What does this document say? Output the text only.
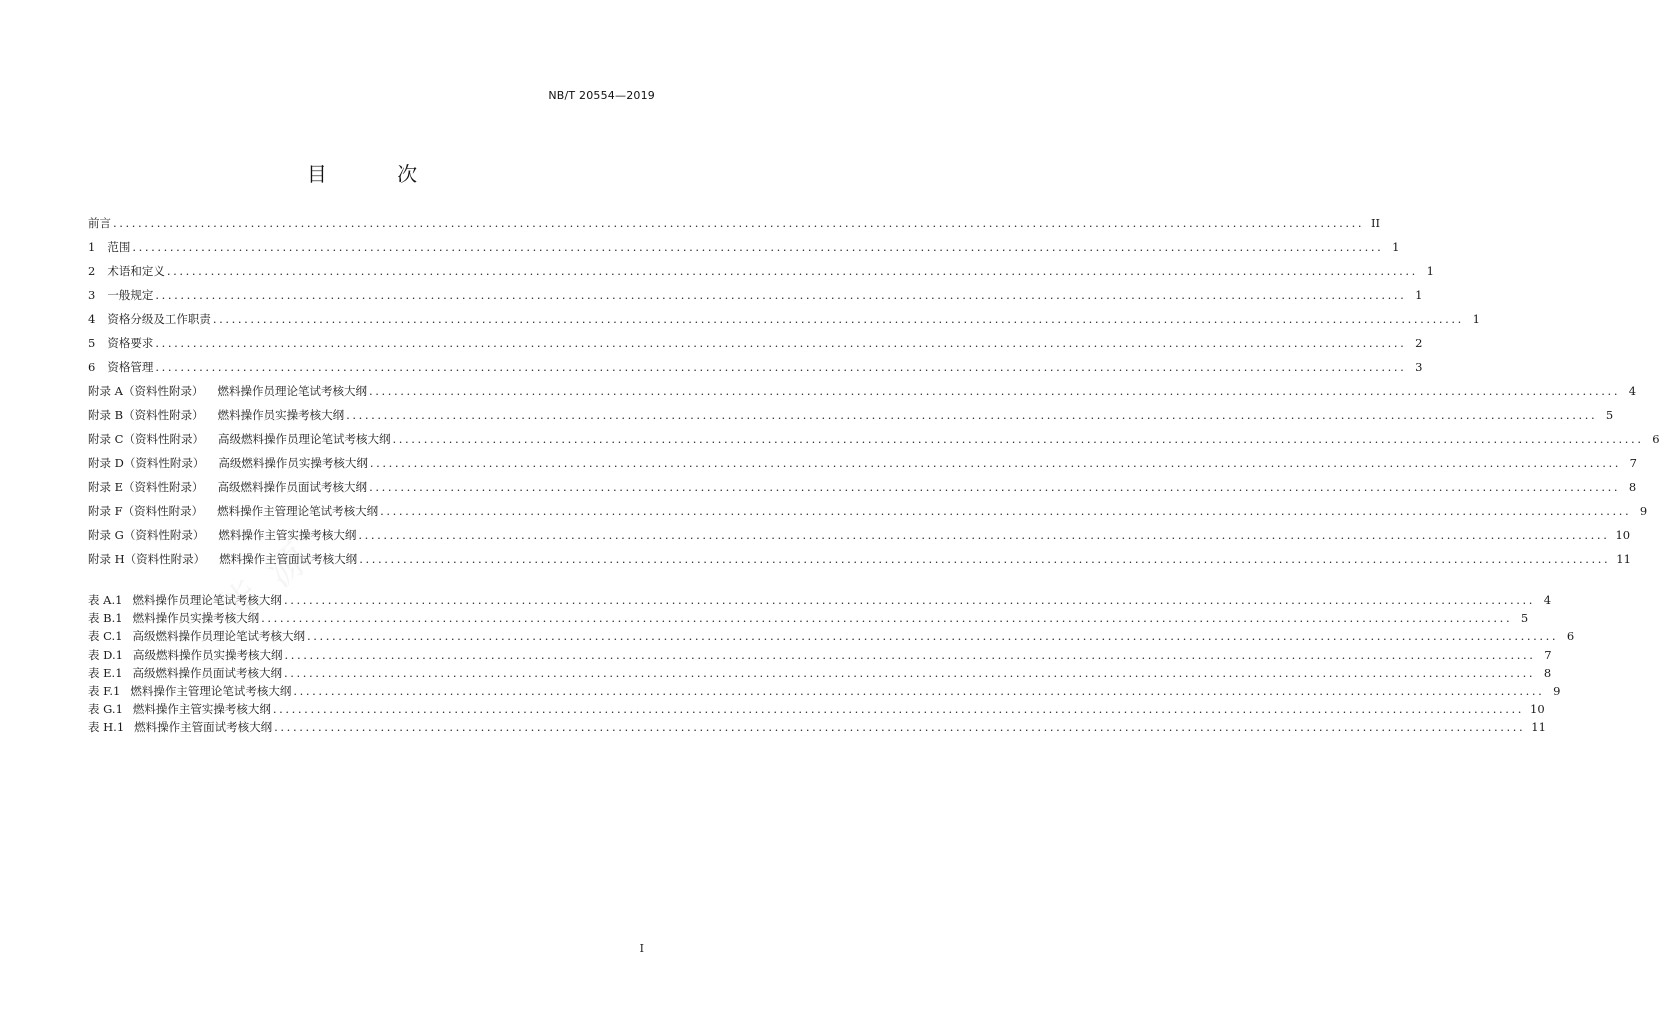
NB/T 20554—2019
目 次
前言 ........................................................................................................................................................................................................ II
1 范围 ........................................................................................................................................................................................................ 1
2 术语和定义 ........................................................................................................................................................................................................ 1
3 一般规定 ........................................................................................................................................................................................................ 1
4 资格分级及工作职责 ........................................................................................................................................................................................................ 1
5 资格要求 ........................................................................................................................................................................................................ 2
6 资格管理 ........................................................................................................................................................................................................ 3
附录 A（资料性附录） 燃料操作员理论笔试考核大纲 ........................................................................................................................................................................................................ 4
附录 B（资料性附录） 燃料操作员实操考核大纲 ........................................................................................................................................................................................................ 5
附录 C（资料性附录） 高级燃料操作员理论笔试考核大纲 ........................................................................................................................................................................................................ 6
附录 D（资料性附录） 高级燃料操作员实操考核大纲 ........................................................................................................................................................................................................ 7
附录 E（资料性附录） 高级燃料操作员面试考核大纲 ........................................................................................................................................................................................................ 8
附录 F（资料性附录） 燃料操作主管理论笔试考核大纲 ........................................................................................................................................................................................................ 9
附录 G（资料性附录） 燃料操作主管实操考核大纲 ........................................................................................................................................................................................................ 10
附录 H（资料性附录） 燃料操作主管面试考核大纲 ........................................................................................................................................................................................................ 11
表 A.1 燃料操作员理论笔试考核大纲 ........................................................................................................................................................................................................ 4
表 B.1 燃料操作员实操考核大纲 ........................................................................................................................................................................................................ 5
表 C.1 高级燃料操作员理论笔试考核大纲 ........................................................................................................................................................................................................ 6
表 D.1 高级燃料操作员实操考核大纲 ........................................................................................................................................................................................................ 7
表 E.1 高级燃料操作员面试考核大纲 ........................................................................................................................................................................................................ 8
表 F.1 燃料操作主管理论笔试考核大纲 ........................................................................................................................................................................................................ 9
表 G.1 燃料操作主管实操考核大纲 ........................................................................................................................................................................................................ 10
表 H.1 燃料操作主管面试考核大纲 ........................................................................................................................................................................................................ 11
I
